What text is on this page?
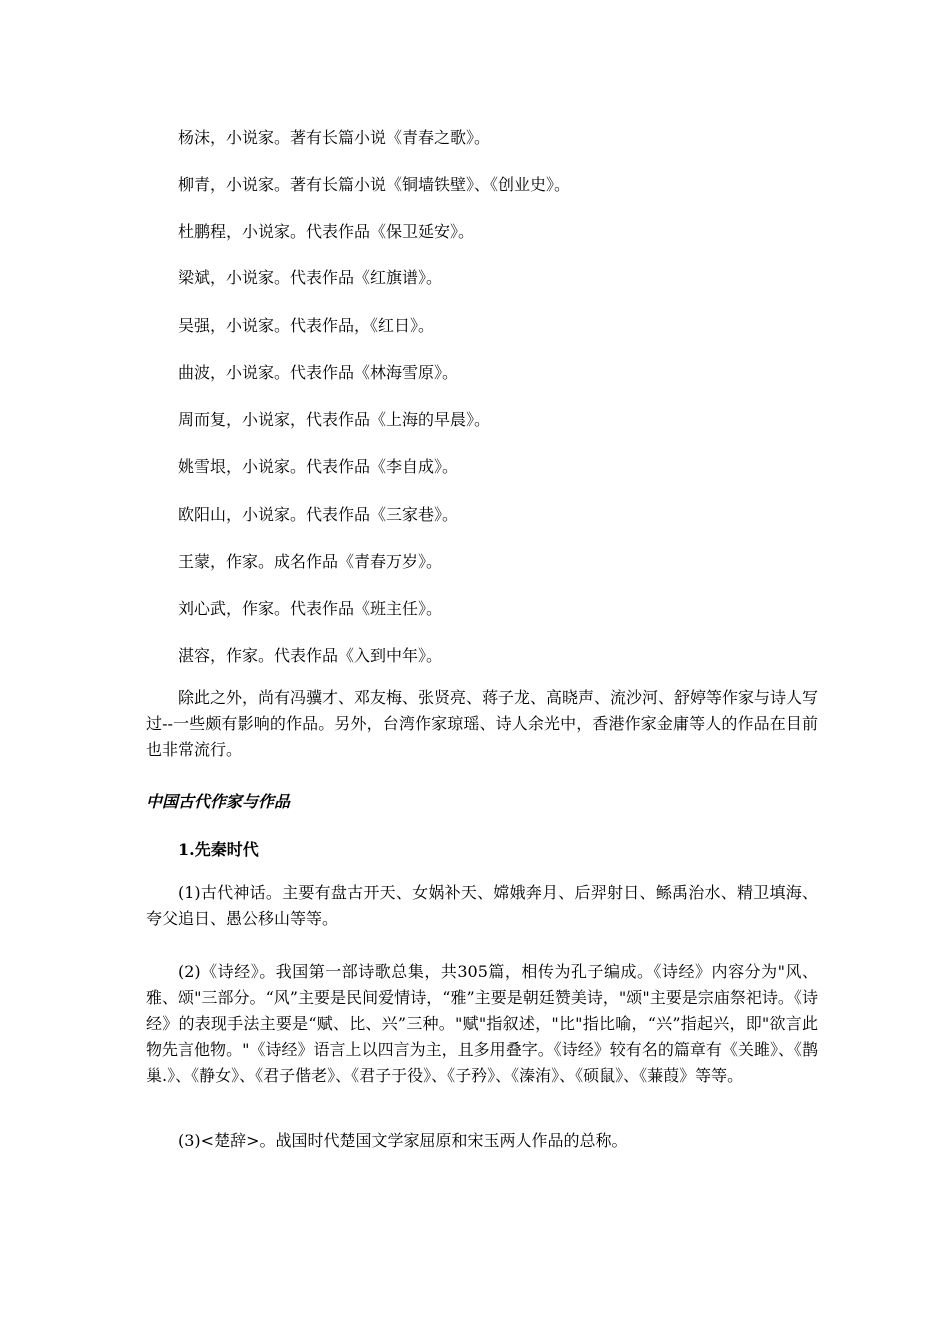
杨沫，小说家。著有长篇小说《青春之歌》。
柳青，小说家。著有长篇小说《铜墙铁壁》、《创业史》。
杜鹏程，小说家。代表作品《保卫延安》。
梁斌，小说家。代表作品《红旗谱》。
吴强，小说家。代表作品，《红日》。
曲波，小说家。代表作品《林海雪原》。
周而复，小说家，代表作品《上海的早晨》。
姚雪垠，小说家。代表作品《李自成》。
欧阳山，小说家。代表作品《三家巷》。
王蒙，作家。成名作品《青春万岁》。
刘心武，作家。代表作品《班主任》。
湛容，作家。代表作品《入到中年》。
除此之外，尚有冯骥才、邓友梅、张贤亮、蒋子龙、高晓声、流沙河、舒婷等作家与诗人写过--一些颇有影响的作品。另外，台湾作家琼瑶、诗人余光中，香港作家金庸等人的作品在目前也非常流行。
中国古代作家与作品
1.先秦时代
(1)古代神话。主要有盘古开天、女娲补天、嫦娥奔月、后羿射日、鲧禹治水、精卫填海、夸父追日、愚公移山等等。
(2)《诗经》。我国第一部诗歌总集，共305篇，相传为孔子编成。《诗经》内容分为"风、雅、颂"三部分。“风”主要是民间爱情诗，“雅”主要是朝廷赞美诗，"颂"主要是宗庙祭祀诗。《诗经》的表现手法主要是“赋、比、兴”三种。"赋"指叙述，"比"指比喻，“兴”指起兴，即"欲言此物先言他物。"《诗经》语言上以四言为主，且多用叠字。《诗经》较有名的篇章有《关雎》、《鹊巢.》、《静女》、《君子偕老》、《君子于役》、《子矜》、《溱洧》、《硕鼠》、《蒹葭》等等。
(3)<楚辞>。战国时代楚国文学家屈原和宋玉两人作品的总称。
